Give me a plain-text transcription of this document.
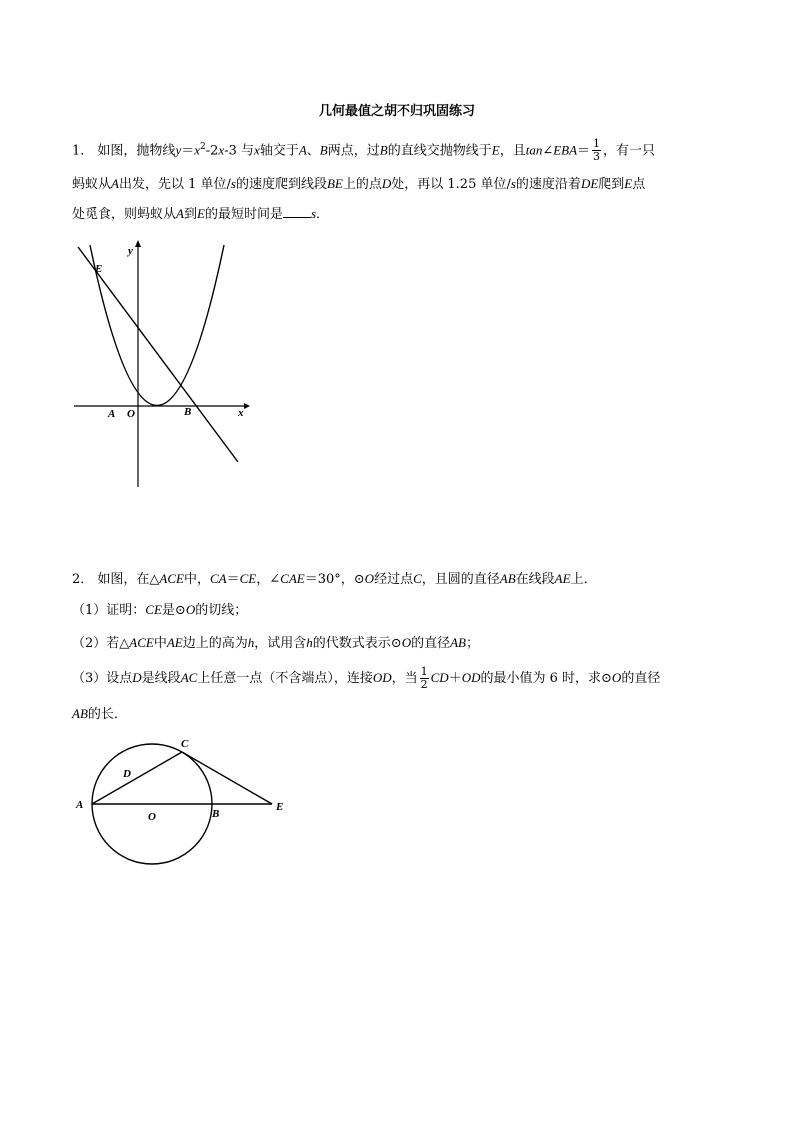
几何最值之胡不归巩固练习
1． 如图，抛物线$y=x^2-2x-3$ 与x轴交于A、B两点，过B的直线交抛物线于E，且tan∠EBA＝ $\frac{1}{3}$ ，有一只
蚂蚁从A出发，先以 1 单位/s的速度爬到线段BE上的点D处，再以 1.25 单位/s的速度沿着DE爬到E点
处觅食，则蚂蚁从A到E的最短时间是 s．
y
x
E
A O	B
2． 如图，在△ACE中，CA＝CE，∠CAE＝30°，⊙O经过点C，且圆的直径AB在线段AE上．
（1）证明：CE是⊙O的切线；
（2）若△ACE中AE边上的高为h，试用含h的代数式表示⊙O的直径AB；
（3）设点D是线段AC上任意一点（不含端点），连接OD，当 $\frac{1}{2} CD+OD$的最小值为 6 时，求⊙O的直径
AB的长．
C
D
A
O	B
E
